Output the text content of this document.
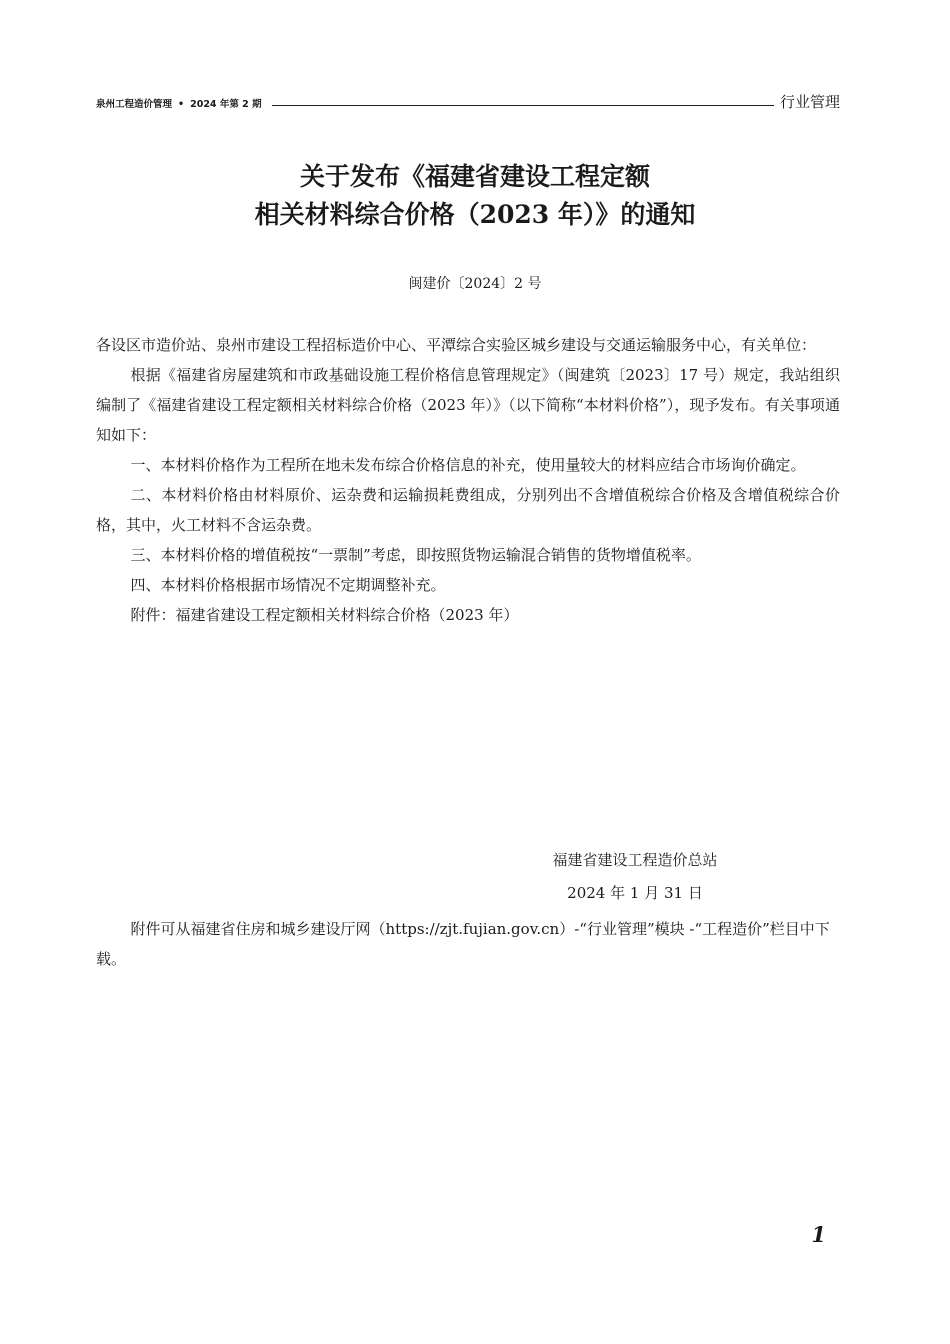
泉州工程造价管理 • 2024 年第 2 期	行业管理
关于发布《福建省建设工程定额
相关材料综合价格（2023 年）》的通知
闽建价〔2024〕2 号

各设区市造价站、泉州市建设工程招标造价中心、平潭综合实验区城乡建设与交通运输服务中心，有关单位：

根据《福建省房屋建筑和市政基础设施工程价格信息管理规定》（闽建筑〔2023〕17 号）规定，我站组织编制了《福建省建设工程定额相关材料综合价格（2023 年）》（以下简称“本材料价格”），现予发布。有关事项通知如下：

一、本材料价格作为工程所在地未发布综合价格信息的补充，使用量较大的材料应结合市场询价确定。

二、本材料价格由材料原价、运杂费和运输损耗费组成，分别列出不含增值税综合价格及含增值税综合价格，其中，火工材料不含运杂费。

三、本材料价格的增值税按“一票制”考虑，即按照货物运输混合销售的货物增值税率。

四、本材料价格根据市场情况不定期调整补充。

附件：福建省建设工程定额相关材料综合价格（2023 年）

福建省建设工程造价总站
2024 年 1 月 31 日

附件可从福建省住房和城乡建设厅网（https://zjt.fujian.gov.cn）-“行业管理”模块 -“工程造价”栏目中下载。

1
